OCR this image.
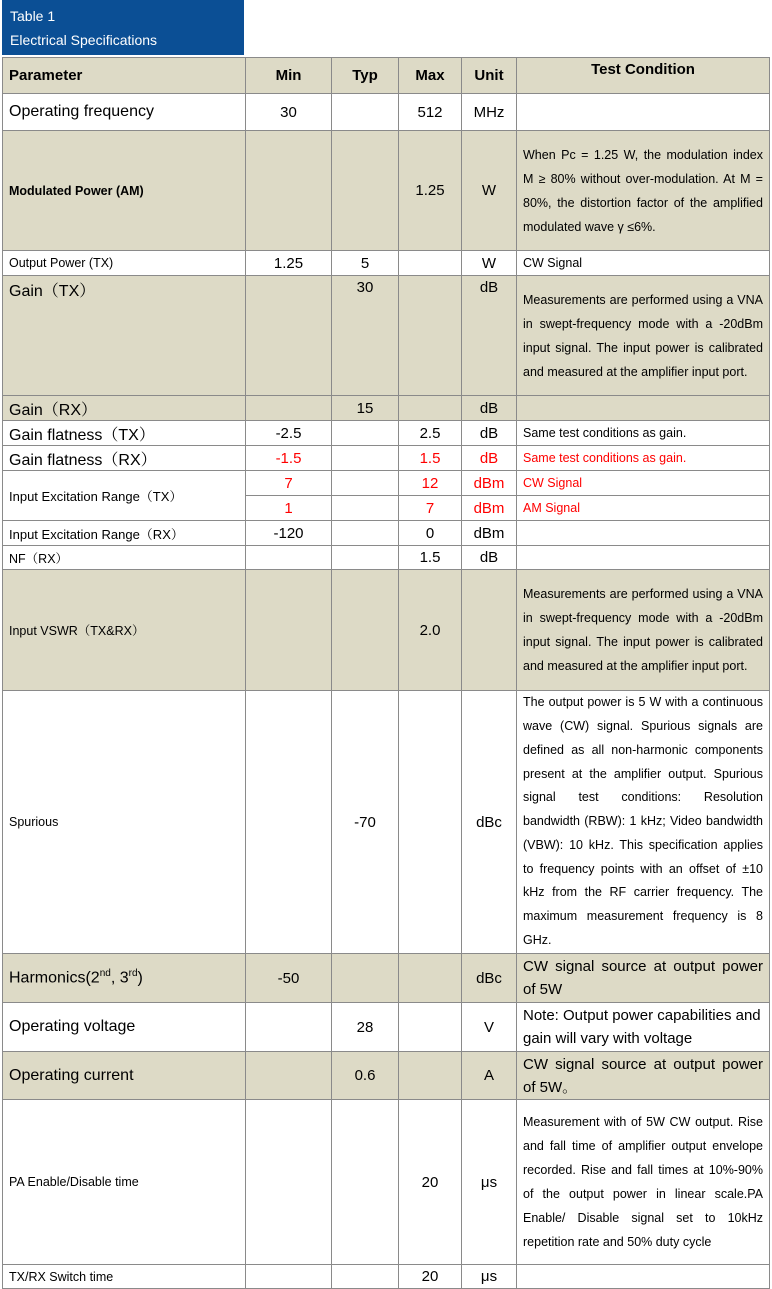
Table 1
Electrical Specifications
Parameter	Min	Typ	Max	Unit	Test Condition
Operating frequency	30		512	MHz	
Modulated Power (AM)			1.25	W	When Pc = 1.25 W, the modulation index M ≥ 80% without over-modulation. At M = 80%, the distortion factor of the amplified modulated wave γ ≤6%.
Output Power (TX)	1.25	5		W	CW Signal
Gain（TX）		30		dB	Measurements are performed using a VNA in swept-frequency mode with a -20dBm input signal. The input power is calibrated and measured at the amplifier input port.
Gain（RX）		15		dB	
Gain flatness（TX）	-2.5		2.5	dB	Same test conditions as gain.
Gain flatness（RX）	-1.5		1.5	dB	Same test conditions as gain.
Input Excitation Range（TX）	7		12	dBm	CW Signal
	1		7	dBm	AM Signal
Input Excitation Range（RX）	-120		0	dBm	
NF（RX）			1.5	dB	
Input VSWR（TX&RX）			2.0		Measurements are performed using a VNA in swept-frequency mode with a -20dBm input signal. The input power is calibrated and measured at the amplifier input port.
Spurious		-70		dBc	The output power is 5 W with a continuous wave (CW) signal. Spurious signals are defined as all non-harmonic components present at the amplifier output. Spurious signal test conditions: Resolution bandwidth (RBW): 1 kHz; Video bandwidth (VBW): 10 kHz. This specification applies to frequency points with an offset of ±10 kHz from the RF carrier frequency. The maximum measurement frequency is 8 GHz.
Harmonics(2nd, 3rd)	-50			dBc	CW signal source at output power of 5W
Operating voltage		28		V	Note: Output power capabilities and gain will vary with voltage
Operating current		0.6		A	CW signal source at output power of 5W。
PA Enable/Disable time			20	μs	Measurement with of 5W CW output. Rise and fall time of amplifier output envelope recorded. Rise and fall times at 10%-90% of the output power in linear scale.PA Enable/ Disable signal set to 10kHz repetition rate and 50% duty cycle
TX/RX Switch time			20	μs	
